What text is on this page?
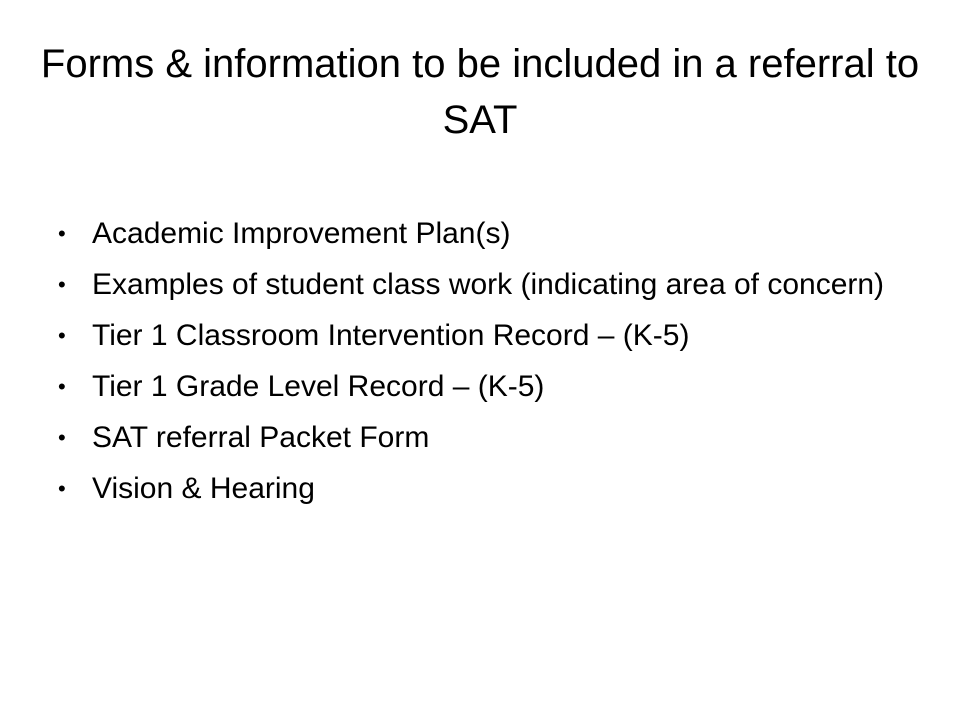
Forms & information to be included in a referral to SAT
• Academic Improvement Plan(s)
• Examples of student class work (indicating area of concern)
• Tier 1 Classroom Intervention Record – (K-5)
• Tier 1 Grade Level Record – (K-5)
• SAT referral Packet Form
• Vision & Hearing
